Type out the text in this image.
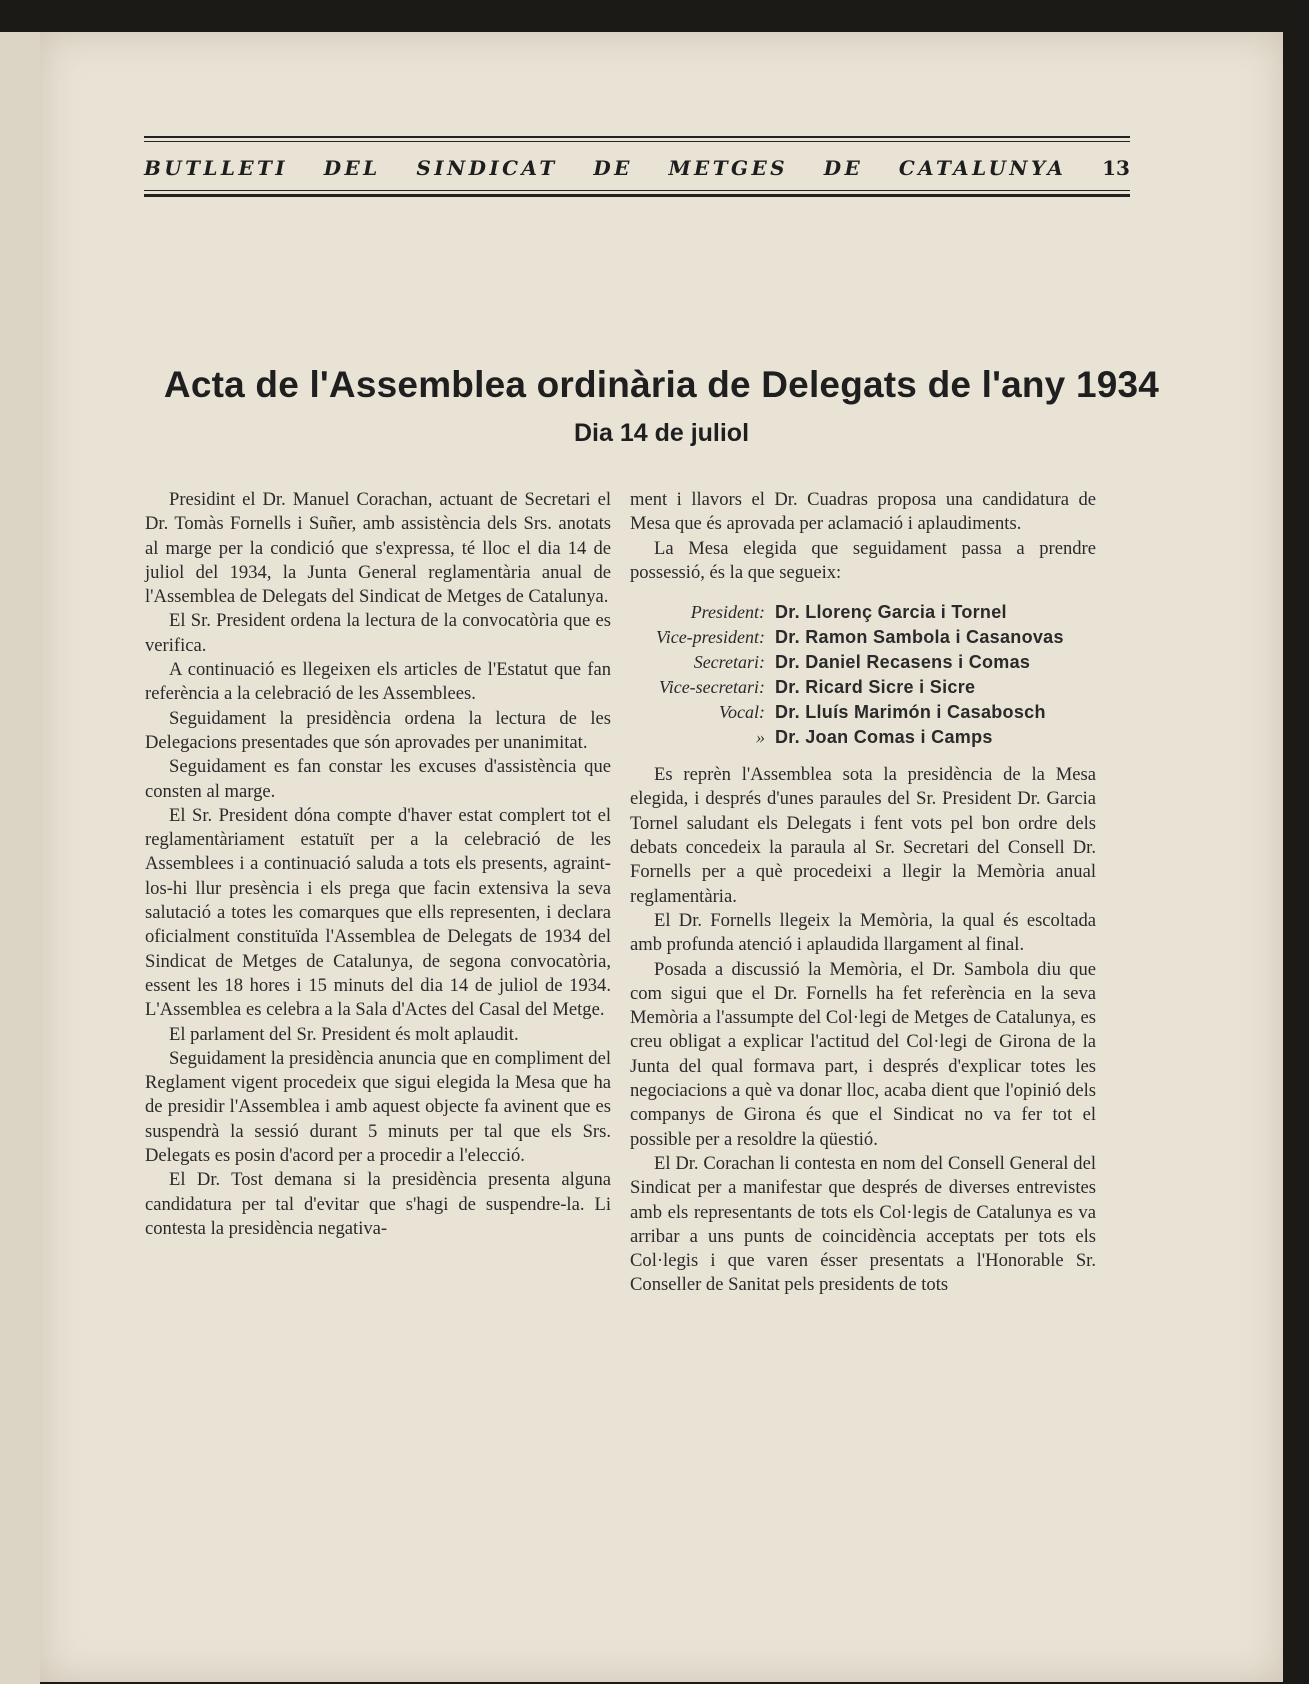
BUTLLETI DEL SINDICAT DE METGES DE CATALUNYA 13
Acta de l'Assemblea ordinària de Delegats de l'any 1934
Dia 14 de juliol

Presidint el Dr. Manuel Corachan, actuant de Secretari el Dr. Tomàs Fornells i Suñer, amb assistència dels Srs. anotats al marge per la condició que s'expressa, té lloc el dia 14 de juliol del 1934, la Junta General reglamentària anual de l'Assemblea de Delegats del Sindicat de Metges de Catalunya.

El Sr. President ordena la lectura de la convocatòria que es verifica.

A continuació es llegeixen els articles de l'Estatut que fan referència a la celebració de les Assemblees.

Seguidament la presidència ordena la lectura de les Delegacions presentades que són aprovades per unanimitat.

Seguidament es fan constar les excuses d'assistència que consten al marge.

El Sr. President dóna compte d'haver estat complert tot el reglamentàriament estatuït per a la celebració de les Assemblees i a continuació saluda a tots els presents, agraint-los-hi llur presència i els prega que facin extensiva la seva salutació a totes les comarques que ells representen, i declara oficialment constituïda l'Assemblea de Delegats de 1934 del Sindicat de Metges de Catalunya, de segona convocatòria, essent les 18 hores i 15 minuts del dia 14 de juliol de 1934. L'Assemblea es celebra a la Sala d'Actes del Casal del Metge.

El parlament del Sr. President és molt aplaudit.

Seguidament la presidència anuncia que en compliment del Reglament vigent procedeix que sigui elegida la Mesa que ha de presidir l'Assemblea i amb aquest objecte fa avinent que es suspendrà la sessió durant 5 minuts per tal que els Srs. Delegats es posin d'acord per a procedir a l'elecció.

El Dr. Tost demana si la presidència presenta alguna candidatura per tal d'evitar que s'hagi de suspendre-la. Li contesta la presidència negativa-

ment i llavors el Dr. Cuadras proposa una candidatura de Mesa que és aprovada per aclamació i aplaudiments.

La Mesa elegida que seguidament passa a prendre possessió, és la que segueix:

President: Dr. Llorenç Garcia i Tornel
Vice-president: Dr. Ramon Sambola i Casanovas
Secretari: Dr. Daniel Recasens i Comas
Vice-secretari: Dr. Ricard Sicre i Sicre
Vocal: Dr. Lluís Marimón i Casabosch
» Dr. Joan Comas i Camps

Es reprèn l'Assemblea sota la presidència de la Mesa elegida, i després d'unes paraules del Sr. President Dr. Garcia Tornel saludant els Delegats i fent vots pel bon ordre dels debats concedeix la paraula al Sr. Secretari del Consell Dr. Fornells per a què procedeixi a llegir la Memòria anual reglamentària.

El Dr. Fornells llegeix la Memòria, la qual és escoltada amb profunda atenció i aplaudida llargament al final.

Posada a discussió la Memòria, el Dr. Sambola diu que com sigui que el Dr. Fornells ha fet referència en la seva Memòria a l'assumpte del Col·legi de Metges de Catalunya, es creu obligat a explicar l'actitud del Col·legi de Girona de la Junta del qual formava part, i després d'explicar totes les negociacions a què va donar lloc, acaba dient que l'opinió dels companys de Girona és que el Sindicat no va fer tot el possible per a resoldre la qüestió.

El Dr. Corachan li contesta en nom del Consell General del Sindicat per a manifestar que després de diverses entrevistes amb els representants de tots els Col·legis de Catalunya es va arribar a uns punts de coincidència acceptats per tots els Col·legis i que varen ésser presentats a l'Honorable Sr. Conseller de Sanitat pels presidents de tots
